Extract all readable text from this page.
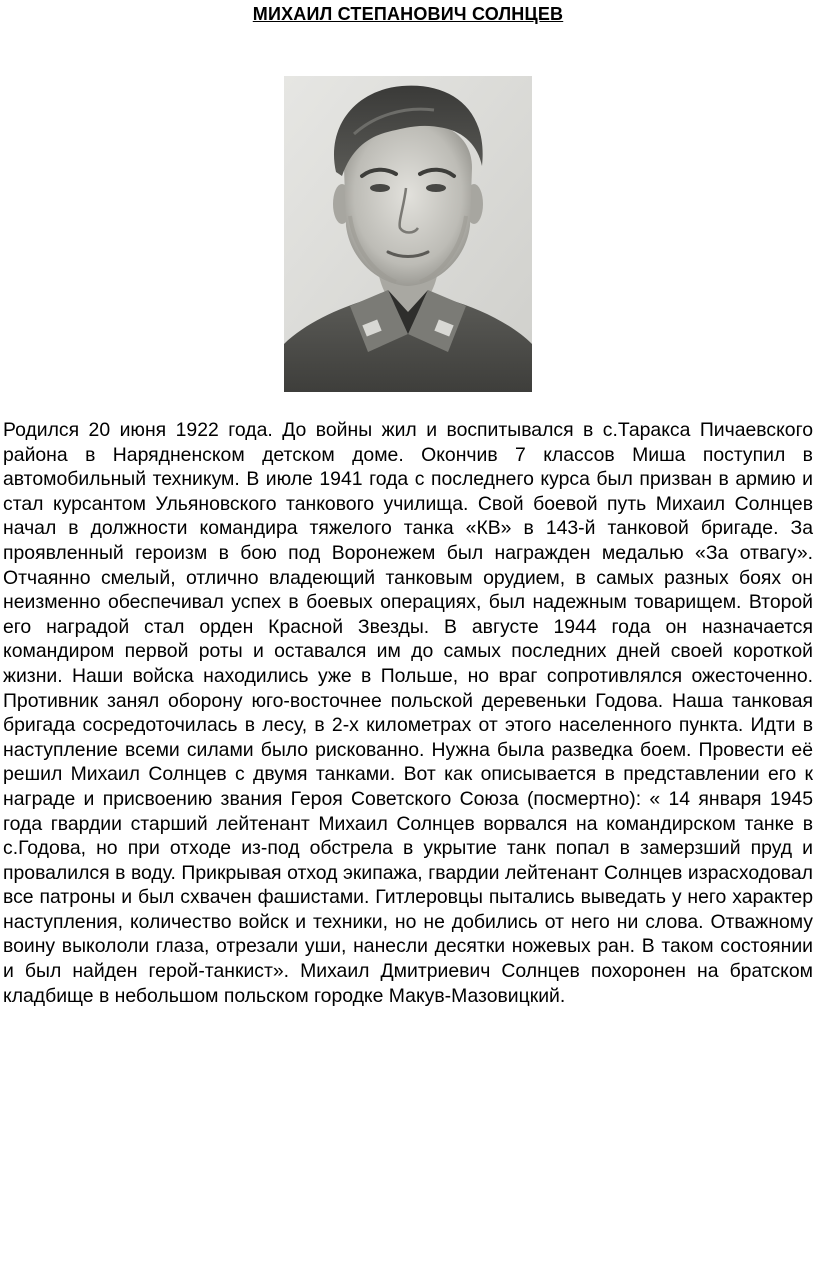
МИХАИЛ СТЕПАНОВИЧ СОЛНЦЕВ

Родился 20 июня 1922 года. До войны жил и воспитывался в с.Таракса Пичаевского района в Нарядненском детском доме. Окончив 7 классов Миша поступил в автомобильный техникум. В июле 1941 года с последнего курса был призван в армию и стал курсантом Ульяновского танкового училища. Свой боевой путь Михаил Солнцев начал в должности командира тяжелого танка «КВ» в 143-й танковой бригаде. За проявленный героизм в бою под Воронежем был награжден медалью «За отвагу». Отчаянно смелый, отлично владеющий танковым орудием, в самых разных боях он неизменно обеспечивал успех в боевых операциях, был надежным товарищем. Второй его наградой стал орден Красной Звезды. В августе 1944 года он назначается командиром первой роты и оставался им до самых последних дней своей короткой жизни. Наши войска находились уже в Польше, но враг сопротивлялся ожесточенно. Противник занял оборону юго-восточнее польской деревеньки Годова. Наша танковая бригада сосредоточилась в лесу, в 2-х километрах от этого населенного пункта. Идти в наступление всеми силами было рискованно. Нужна была разведка боем. Провести её решил Михаил Солнцев с двумя танками. Вот как описывается в представлении его к награде и присвоению звания Героя Советского Союза (посмертно): « 14 января 1945 года гвардии старший лейтенант Михаил Солнцев ворвался на командирском танке в с.Годова, но при отходе из-под обстрела в укрытие танк попал в замерзший пруд и провалился в воду. Прикрывая отход экипажа, гвардии лейтенант Солнцев израсходовал все патроны и был схвачен фашистами. Гитлеровцы пытались выведать у него характер наступления, количество войск и техники, но не добились от него ни слова. Отважному воину выкололи глаза, отрезали уши, нанесли десятки ножевых ран. В таком состоянии и был найден герой-танкист». Михаил Дмитриевич Солнцев похоронен на братском кладбище в небольшом польском городке Макув-Мазовицкий.
